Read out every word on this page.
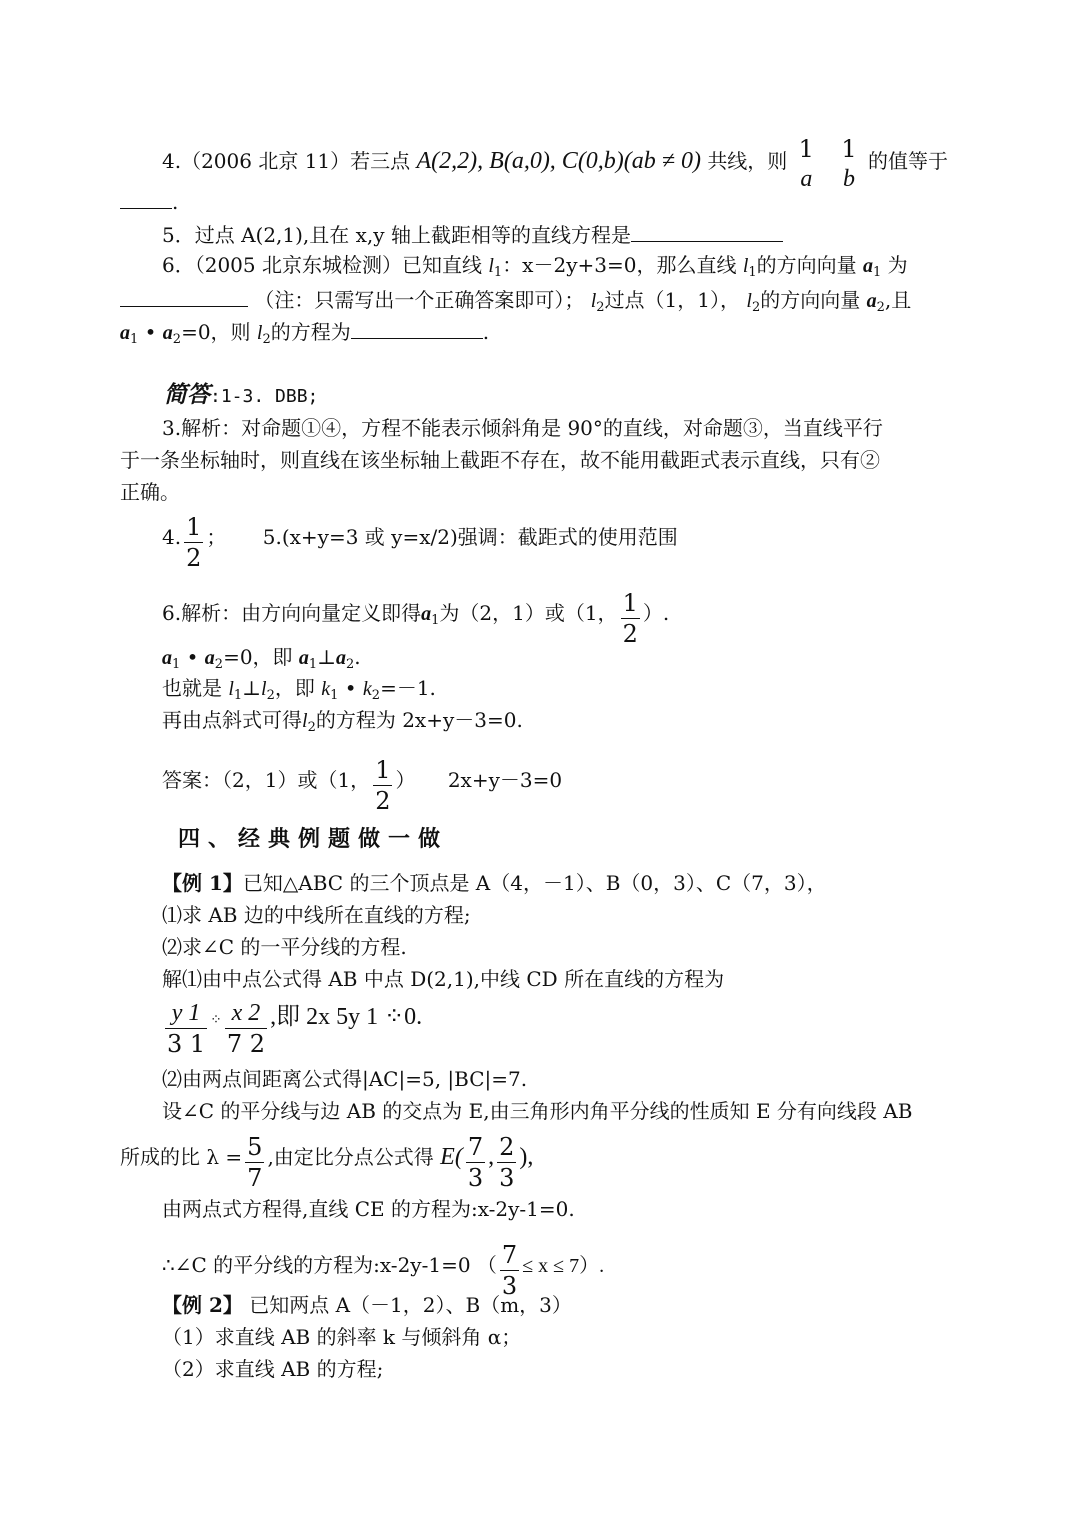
4.（2006 北京 11）若三点 A(2,2), B(a,0), C(0,b)(ab ≠ 0) 共线，则 1
a

1
b
的值等于
.
5．过点 A(2,1),且在 x,y 轴上截距相等的直线方程是
6．（2005 北京东城检测）已知直线 $l_1$：x－2y+3=0，那么直线 $l_1$的方向向量 $a_1$ 为
（注：只需写出一个正确答案即可）； $l_2$过点（1，1）， $l_2$的方向向量 $a_2$,且
$a_1$ • $a_2=0$，则 $l_2$的方程为	.
简答:1-3. DBB;
3.解析：对命题①④，方程不能表示倾斜角是 90°的直线，对命题③，当直线平行
于一条坐标轴时，则直线在该坐标轴上截距不存在，故不能用截距式表示直线，只有②
正确。
4. $\frac{1}{2}$ ； 5.(x+y=3 或 y=x/2)强调：截距式的使用范围
6.解析：由方向向量定义即得$a_1$为（2，1）或（1， $\frac{1}{2}$ ）.
$a_1$ • $a_2=0$，即 $a_1\perp a_2$.
也就是 $l_1\perp l_2$，即 $k_1$ • $k_2=-1$.
再由点斜式可得$l_2$的方程为 2x+y－3=0.
答案：（2，1）或（1， $\frac{1}{2}$ ） 2x+y－3=0
四、经典例题做一做
【例 1】已知△ABC 的三个顶点是 A（4，－1）、B（0，3）、C（7，3），
⑴求 AB 边的中线所在直线的方程;
⑵求∠C 的一平分线的方程.
解⑴由中点公式得 AB 中点 D(2,1),中线 CD 所在直线的方程为
$\frac{y 1}{3 1}$ ⁘ $\frac{x 2}{7 2}$ ,即 2x 5y 1 ⁘0.
⑵由两点间距离公式得|AC|=5, |BC|=7.
设∠C 的平分线与边 AB 的交点为 E,由三角形内角平分线的性质知 E 分有向线段 AB
所成的比 $\lambda = \frac{5}{7}$ ,由定比分点公式得 $E( \frac{7}{3}$ , $\frac{2}{3}$ ),
由两点式方程得,直线 CE 的方程为:x-2y-1=0.
∴∠C 的平分线的方程为:x-2y-1=0 （ $\frac{7}{3} \le x \le 7$）.
【例 2】 已知两点 A（－1，2）、B（m，3）
（1）求直线 AB 的斜率 k 与倾斜角 α；
（2）求直线 AB 的方程;
